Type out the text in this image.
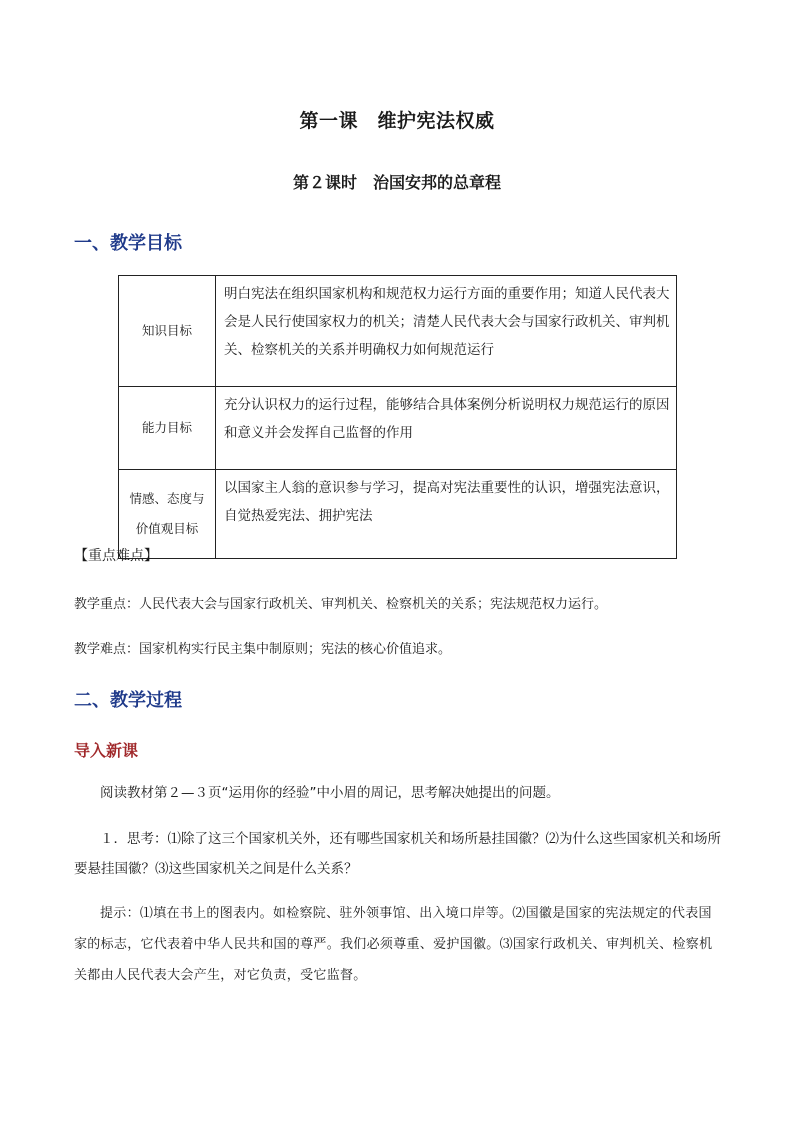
第一课　维护宪法权威
第２课时　治国安邦的总章程
一、教学目标
知识目标	明白宪法在组织国家机构和规范权力运行方面的重要作用；知道人民代表大会是人民行使国家权力的机关；清楚人民代表大会与国家行政机关、审判机关、检察机关的关系并明确权力如何规范运行
能力目标	充分认识权力的运行过程，能够结合具体案例分析说明权力规范运行的原因和意义并会发挥自己监督的作用

情感、态度与
价值观目标	以国家主人翁的意识参与学习，提高对宪法重要性的认识，增强宪法意识，自觉热爱宪法、拥护宪法
【重点难点】
教学重点：人民代表大会与国家行政机关、审判机关、检察机关的关系；宪法规范权力运行。
教学难点：国家机构实行民主集中制原则；宪法的核心价值追求。
二、教学过程
导入新课
阅读教材第２—３页“运用你的经验”中小眉的周记，思考解决她提出的问题。
１．思考：⑴除了这三个国家机关外，还有哪些国家机关和场所悬挂国徽？⑵为什么这些国家机关和场所要悬挂国徽？⑶这些国家机关之间是什么关系？
提示：⑴填在书上的图表内。如检察院、驻外领事馆、出入境口岸等。⑵国徽是国家的宪法规定的代表国家的标志，它代表着中华人民共和国的尊严。我们必须尊重、爱护国徽。⑶国家行政机关、审判机关、检察机关都由人民代表大会产生，对它负责，受它监督。
